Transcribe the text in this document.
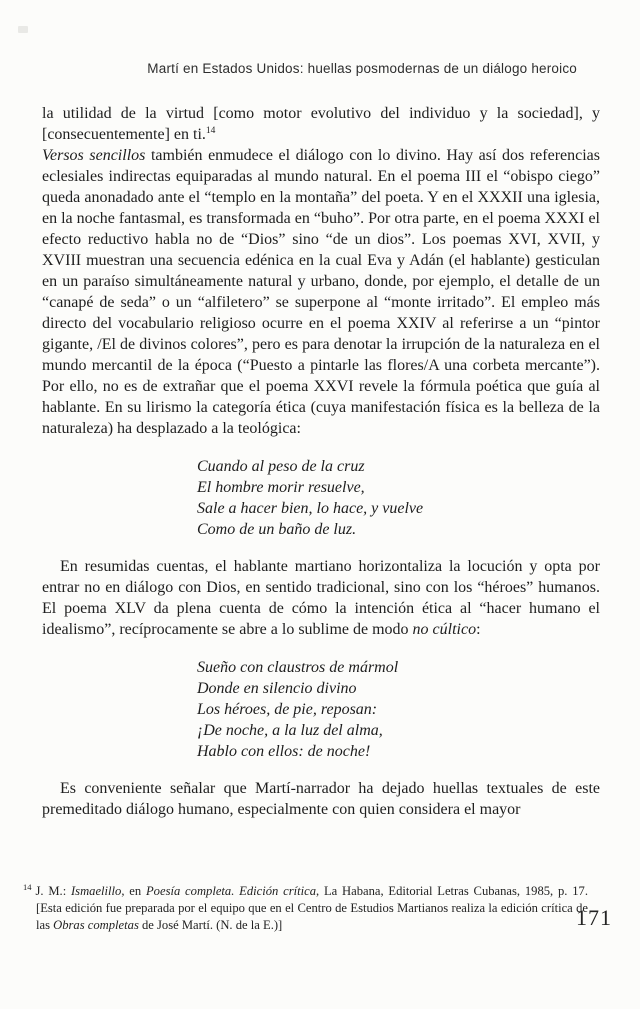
Martí en Estados Unidos: huellas posmodernas de un diálogo heroico

la utilidad de la virtud [como motor evolutivo del individuo y la sociedad], y [consecuentemente] en ti.$^{14}$

Versos sencillos también enmudece el diálogo con lo divino. Hay así dos referencias eclesiales indirectas equiparadas al mundo natural. En el poema III el “obispo ciego” queda anonadado ante el “templo en la montaña” del poeta. Y en el XXXII una iglesia, en la noche fantasmal, es transformada en “buho”. Por otra parte, en el poema XXXI el efecto reductivo habla no de “Dios” sino “de un dios”. Los poemas XVI, XVII, y XVIII muestran una secuencia edénica en la cual Eva y Adán (el hablante) gesticulan en un paraíso simultáneamente natural y urbano, donde, por ejemplo, el detalle de un “canapé de seda” o un “alfiletero” se superpone al “monte irritado”. El empleo más directo del vocabulario religioso ocurre en el poema XXIV al referirse a un “pintor gigante, /El de divinos colores”, pero es para denotar la irrupción de la naturaleza en el mundo mercantil de la época (“Puesto a pintarle las flores/A una corbeta mercante”). Por ello, no es de extrañar que el poema XXVI revele la fórmula poética que guía al hablante. En su lirismo la categoría ética (cuya manifestación física es la belleza de la naturaleza) ha desplazado a la teológica:

Cuando al peso de la cruz
El hombre morir resuelve,
Sale a hacer bien, lo hace, y vuelve
Como de un baño de luz.

En resumidas cuentas, el hablante martiano horizontaliza la locución y opta por entrar no en diálogo con Dios, en sentido tradicional, sino con los “héroes” humanos. El poema XLV da plena cuenta de cómo la intención ética al “hacer humano el idealismo”, recíprocamente se abre a lo sublime de modo no cúltico:

Sueño con claustros de mármol
Donde en silencio divino
Los héroes, de pie, reposan:
¡De noche, a la luz del alma,
Hablo con ellos: de noche!

Es conveniente señalar que Martí-narrador ha dejado huellas textuales de este premeditado diálogo humano, especialmente con quien considera el mayor

$^{14}$ J. M.: Ismaelillo, en Poesía completa. Edición crítica, La Habana, Editorial Letras Cubanas, 1985, p. 17. [Esta edición fue preparada por el equipo que en el Centro de Estudios Martianos realiza la edición crítica de las Obras completas de José Martí. (N. de la E.)]	171
